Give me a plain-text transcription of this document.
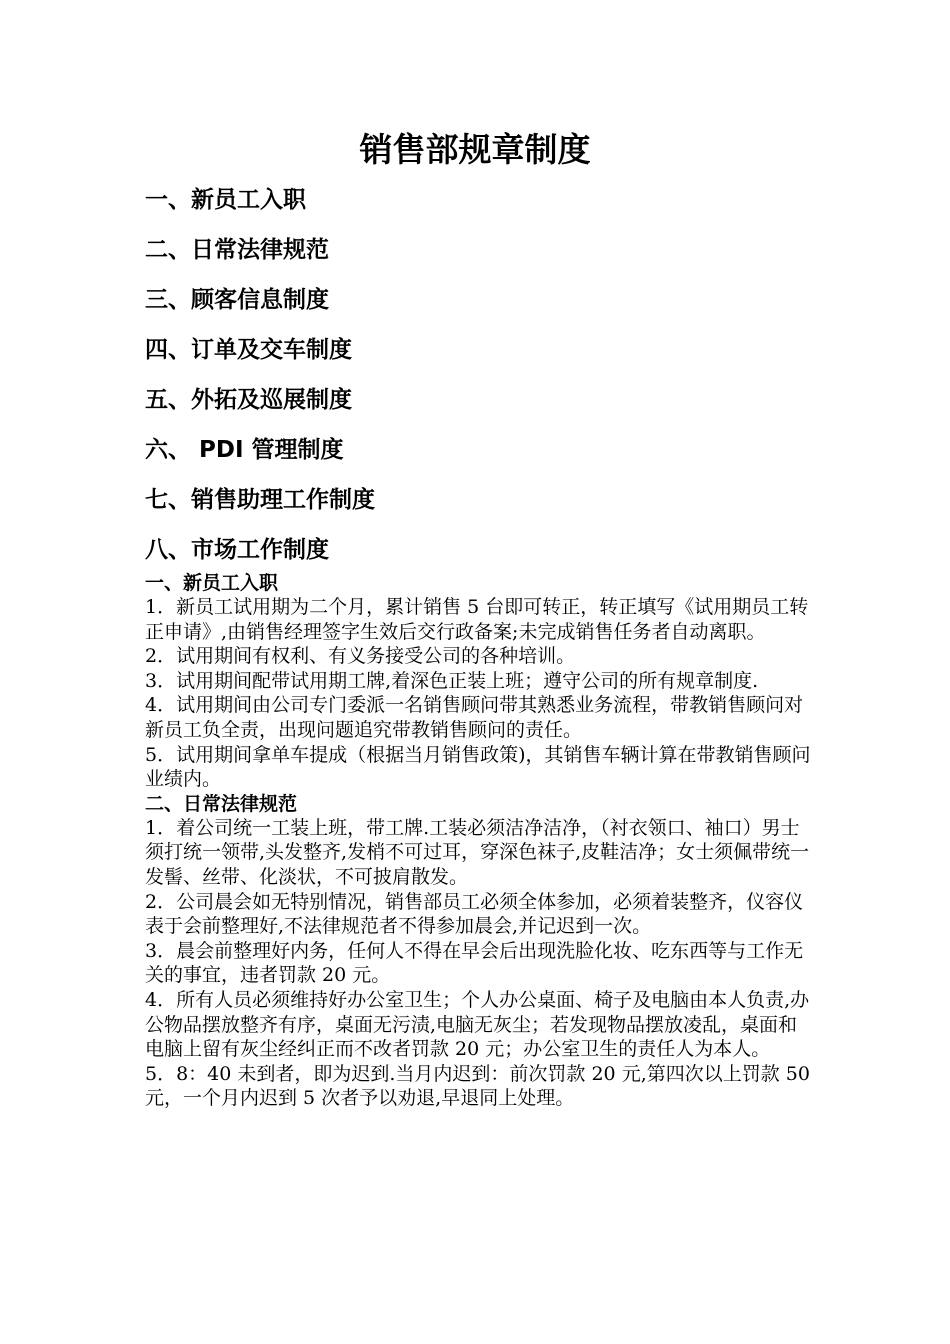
销售部规章制度
一、新员工入职
二、日常法律规范
三、顾客信息制度
四、订单及交车制度
五、外拓及巡展制度
六、 PDI 管理制度
七、销售助理工作制度
八、市场工作制度
一、新员工入职

1．新员工试用期为二个月，累计销售 5 台即可转正，转正填写《试用期员工转正申请》,由销售经理签字生效后交行政备案;未完成销售任务者自动离职。

2．试用期间有权利、有义务接受公司的各种培训。

3．试用期间配带试用期工牌,着深色正装上班；遵守公司的所有规章制度.

4．试用期间由公司专门委派一名销售顾问带其熟悉业务流程，带教销售顾问对新员工负全责，出现问题追究带教销售顾问的责任。

5．试用期间拿单车提成（根据当月销售政策)，其销售车辆计算在带教销售顾问业绩内。

二、日常法律规范

1．着公司统一工装上班，带工牌.工装必须洁净洁净，（衬衣领口、袖口）男士须打统一领带,头发整齐,发梢不可过耳，穿深色袜子,皮鞋洁净；女士须佩带统一发髻、丝带、化淡状，不可披肩散发。

2．公司晨会如无特别情况，销售部员工必须全体参加，必须着装整齐，仪容仪表于会前整理好,不法律规范者不得参加晨会,并记迟到一次。

3．晨会前整理好内务，任何人不得在早会后出现洗脸化妆、吃东西等与工作无关的事宜，违者罚款 20 元。

4．所有人员必须维持好办公室卫生；个人办公桌面、椅子及电脑由本人负责,办公物品摆放整齐有序，桌面无污渍,电脑无灰尘；若发现物品摆放凌乱，桌面和电脑上留有灰尘经纠正而不改者罚款 20 元；办公室卫生的责任人为本人。

5．8：40 未到者，即为迟到.当月内迟到：前次罚款 20 元,第四次以上罚款 50 元，一个月内迟到 5 次者予以劝退,早退同上处理。
